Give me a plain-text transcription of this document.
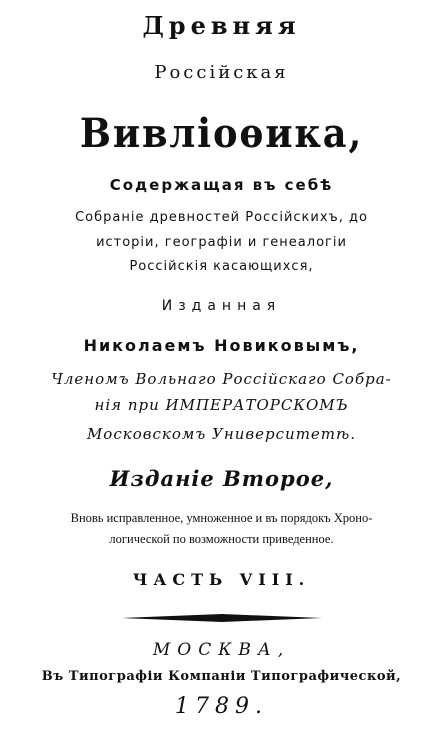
Древняя
Россійская
Вивліоѳика,
Содержащая въ себѣ
Собраніе древностей Россійскихъ, до
исторіи, географіи и генеалогіи
Россійскія касающихся,
Изданная
Николаемъ Новиковымъ,
Членомъ Вольнаго Россійскаго Собра-
нія при ИМПЕРАТОРСКОМЪ
Московскомъ Университетѣ.
Изданіе Второе,
Вновь исправленное, умноженное и въ порядокъ Хроно-
логической по возможности приведенное.
ЧАСТЬ VIII.
МОСКВА,
Въ Типографіи Компаніи Типографической,
1789.
